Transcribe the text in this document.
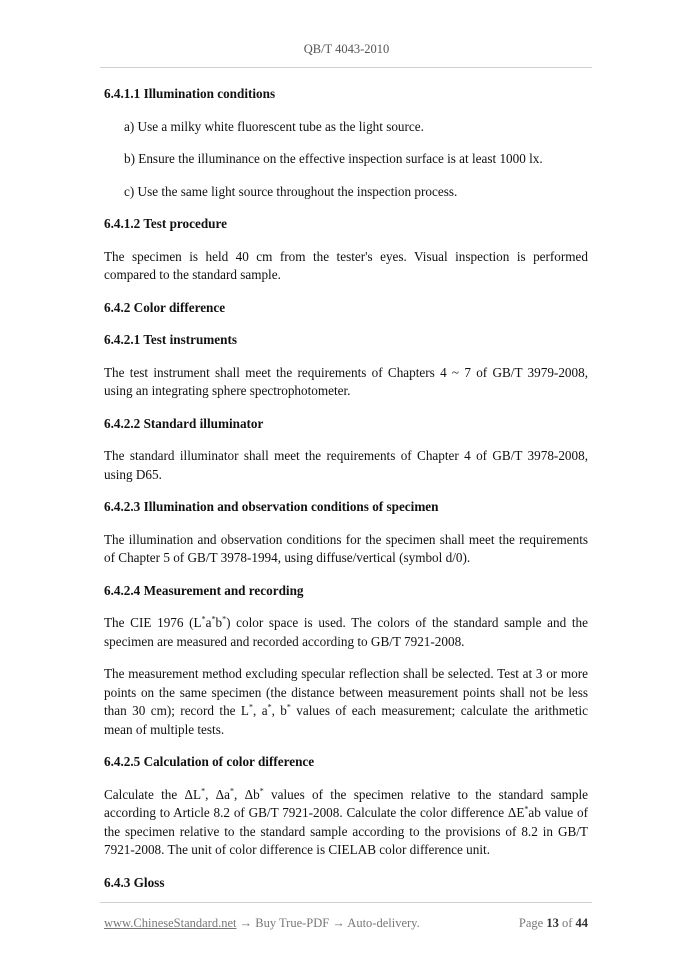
QB/T 4043-2010
6.4.1.1 Illumination conditions
a) Use a milky white fluorescent tube as the light source.
b) Ensure the illuminance on the effective inspection surface is at least 1000 lx.
c) Use the same light source throughout the inspection process.
6.4.1.2 Test procedure
The specimen is held 40 cm from the tester's eyes. Visual inspection is performed compared to the standard sample.
6.4.2 Color difference
6.4.2.1 Test instruments
The test instrument shall meet the requirements of Chapters 4 ~ 7 of GB/T 3979-2008, using an integrating sphere spectrophotometer.
6.4.2.2 Standard illuminator
The standard illuminator shall meet the requirements of Chapter 4 of GB/T 3978-2008, using D65.
6.4.2.3 Illumination and observation conditions of specimen
The illumination and observation conditions for the specimen shall meet the requirements of Chapter 5 of GB/T 3978-1994, using diffuse/vertical (symbol d/0).
6.4.2.4 Measurement and recording
The CIE 1976 (L*a*b*) color space is used. The colors of the standard sample and the specimen are measured and recorded according to GB/T 7921-2008.
The measurement method excluding specular reflection shall be selected. Test at 3 or more points on the same specimen (the distance between measurement points shall not be less than 30 cm); record the L*, a*, b* values of each measurement; calculate the arithmetic mean of multiple tests.
6.4.2.5 Calculation of color difference
Calculate the ΔL*, Δa*, Δb* values of the specimen relative to the standard sample according to Article 8.2 of GB/T 7921-2008. Calculate the color difference ΔE*ab value of the specimen relative to the standard sample according to the provisions of 8.2 in GB/T 7921-2008. The unit of color difference is CIELAB color difference unit.
6.4.3 Gloss
www.ChineseStandard.net → Buy True-PDF → Auto-delivery.	Page 13 of 44
